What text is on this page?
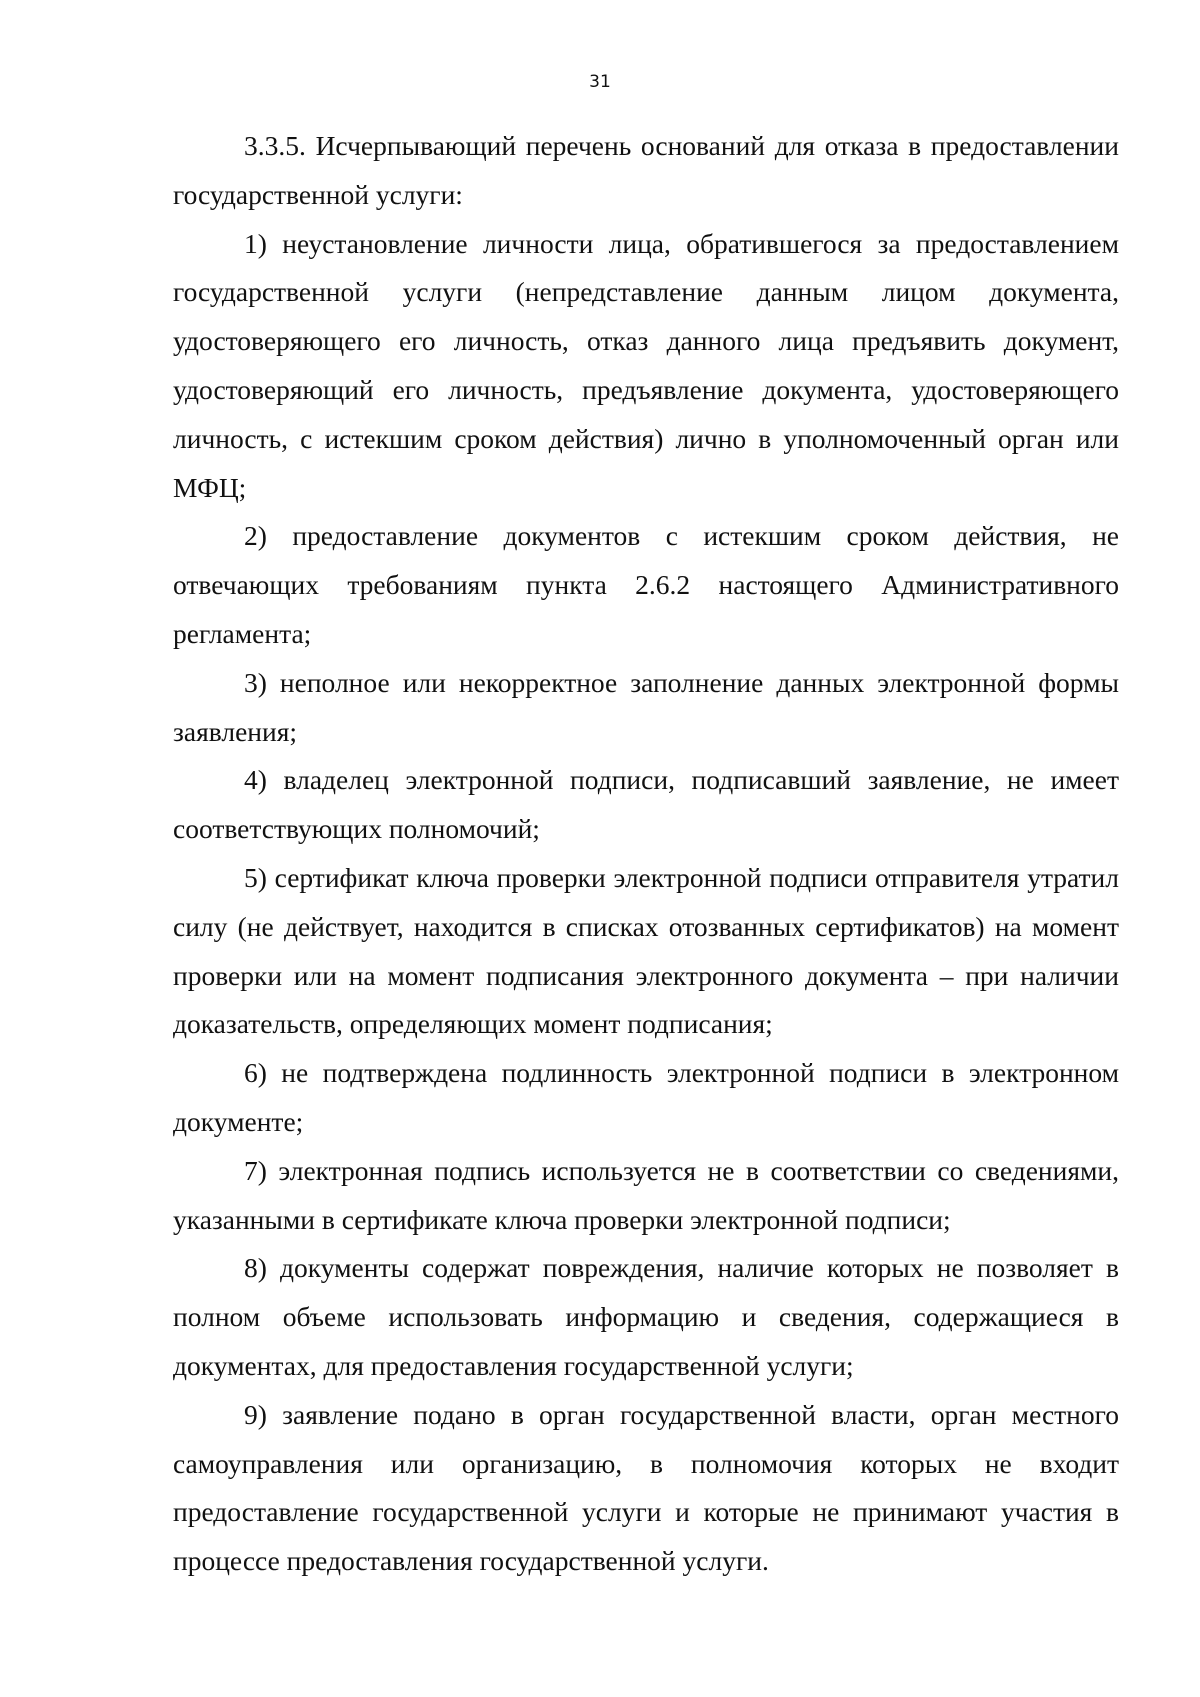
31

3.3.5. Исчерпывающий перечень оснований для отказа в предоставлении государственной услуги:

1) неустановление личности лица, обратившегося за предоставлением государственной услуги (непредставление данным лицом документа, удостоверяющего его личность, отказ данного лица предъявить документ, удостоверяющий его личность, предъявление документа, удостоверяющего личность, с истекшим сроком действия) лично в уполномоченный орган или МФЦ;

2) предоставление документов с истекшим сроком действия, не отвечающих требованиям пункта 2.6.2 настоящего Административного регламента;

3) неполное или некорректное заполнение данных электронной формы заявления;

4) владелец электронной подписи, подписавший заявление, не имеет соответствующих полномочий;

5) сертификат ключа проверки электронной подписи отправителя утратил силу (не действует, находится в списках отозванных сертификатов) на момент проверки или на момент подписания электронного документа – при наличии доказательств, определяющих момент подписания;

6) не подтверждена подлинность электронной подписи в электронном документе;

7) электронная подпись используется не в соответствии со сведениями, указанными в сертификате ключа проверки электронной подписи;

8) документы содержат повреждения, наличие которых не позволяет в полном объеме использовать информацию и сведения, содержащиеся в документах, для предоставления государственной услуги;

9) заявление подано в орган государственной власти, орган местного самоуправления или организацию, в полномочия которых не входит предоставление государственной услуги и которые не принимают участия в процессе предоставления государственной услуги.
